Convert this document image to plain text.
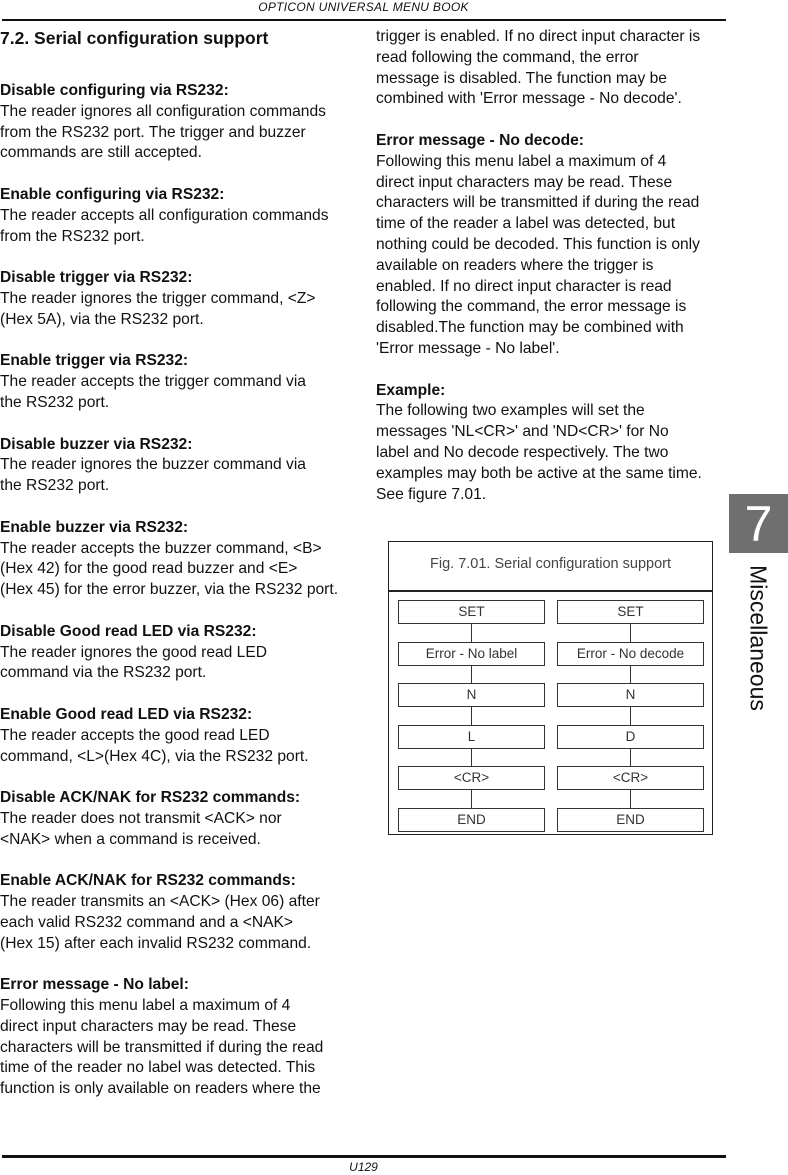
OPTICON UNIVERSAL MENU BOOK
7.2. Serial configuration support
Disable configuring via RS232:
The reader ignores all configuration commands
from the RS232 port. The trigger and buzzer
commands are still accepted.
Enable configuring via RS232:
The reader accepts all configuration commands
from the RS232 port.
Disable trigger via RS232:
The reader ignores the trigger command, <Z>
(Hex 5A), via the RS232 port.
Enable trigger via RS232:
The reader accepts the trigger command via
the RS232 port.
Disable buzzer via RS232:
The reader ignores the buzzer command via
the RS232 port.
Enable buzzer via RS232:
The reader accepts the buzzer command, <B>
(Hex 42) for the good read buzzer and <E>
(Hex 45) for the error buzzer, via the RS232 port.
Disable Good read LED via RS232:
The reader ignores the good read LED
command via the RS232 port.
Enable Good read LED via RS232:
The reader accepts the good read LED
command, <L>(Hex 4C), via the RS232 port.
Disable ACK/NAK for RS232 commands:
The reader does not transmit <ACK> nor
<NAK> when a command is received.
Enable ACK/NAK for RS232 commands:
The reader transmits an <ACK> (Hex 06) after
each valid RS232 command and a <NAK>
(Hex 15) after each invalid RS232 command.
Error message - No label:
Following this menu label a maximum of 4
direct input characters may be read. These
characters will be transmitted if during the read
time of the reader no label was detected. This
function is only available on readers where the
trigger is enabled. If no direct input character is
read following the command, the error
message is disabled. The function may be
combined with 'Error message - No decode'.
Error message - No decode:
Following this menu label a maximum of 4
direct input characters may be read. These
characters will be transmitted if during the read
time of the reader a label was detected, but
nothing could be decoded. This function is only
available on readers where the trigger is
enabled. If no direct input character is read
following the command, the error message is
disabled.The function may be combined with
'Error message - No label'.
Example:
The following two examples will set the
messages 'NL<CR>' and 'ND<CR>' for No
label and No decode respectively. The two
examples may both be active at the same time.
See figure 7.01.
7
Miscellaneous
Fig. 7.01. Serial configuration support
SET
Error - No label
N
L
<CR>
END
SET
Error - No decode
N
D
<CR>
END
U129
